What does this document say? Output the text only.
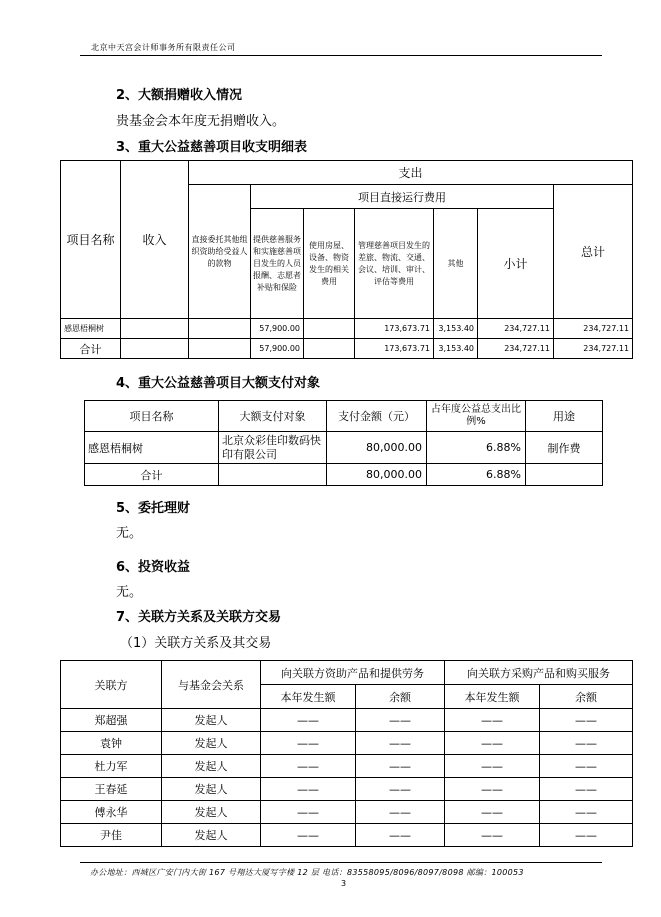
北京中天宫会计师事务所有限责任公司
2、大额捐赠收入情况
贵基金会本年度无捐赠收入。
3、重大公益慈善项目收支明细表
项目名称	收入	支出						
		直接委托其他组织资助给受益人的款物	项目直接运行费用					总计
			提供慈善服务和实施慈善项目发生的人员报酬、志愿者补贴和保险	使用房屋、设备、物资发生的相关费用	管理慈善项目发生的差旅、物流、交通、会议、培训、审计、评估等费用	其他	小计	
感恩梧桐树			57,900.00		173,673.71	3,153.40	234,727.11	234,727.11
合计			57,900.00		173,673.71	3,153.40	234,727.11	234,727.11
4、重大公益慈善项目大额支付对象
项目名称	大额支付对象	支付金额（元）	占年度公益总支出比例%	用途
感恩梧桐树	北京众彩佳印数码快印有限公司	80,000.00	6.88%	制作费
合计		80,000.00	6.88%	
5、委托理财
无。
6、投资收益
无。
7、关联方关系及关联方交易
（1）关联方关系及其交易
关联方	与基金会关系	向关联方资助产品和提供劳务		向关联方采购产品和购买服务	
		本年发生额	余额	本年发生额	余额
郑超强	发起人	——	——	——	——
袁钟	发起人	——	——	——	——
杜力军	发起人	——	——	——	——
王春延	发起人	——	——	——	——
傅永华	发起人	——	——	——	——
尹佳	发起人	——	——	——	——
办公地址：西城区广安门内大街 167 号翔达大厦写字楼 12 层 电话：83558095/8096/8097/8098 邮编：100053
3
